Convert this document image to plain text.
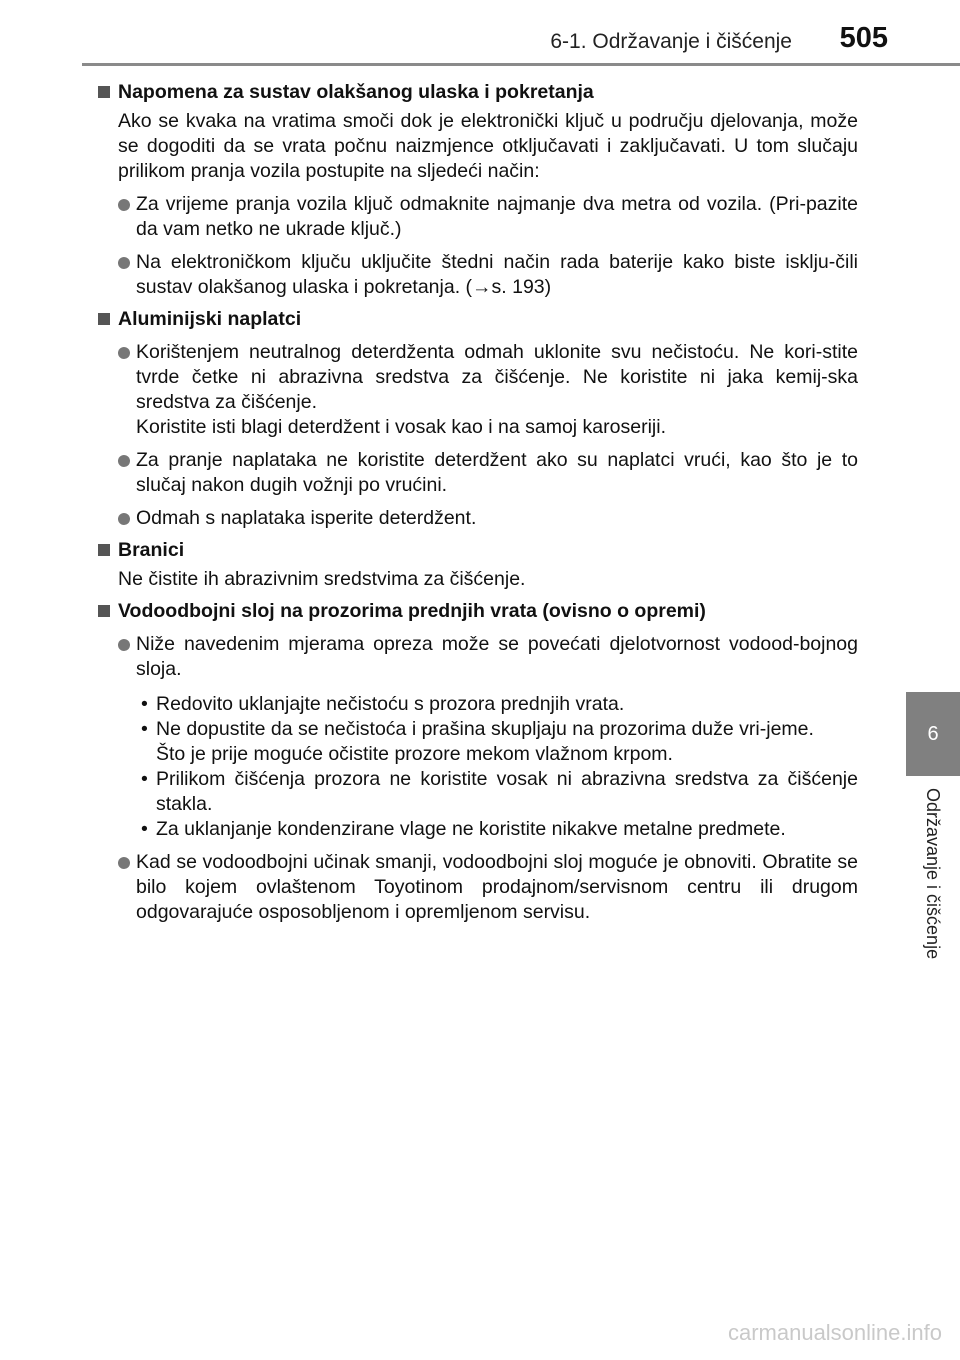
6-1. Održavanje i čišćenje 505
6
Održavanje i čišćenje
Napomena za sustav olakšanog ulaska i pokretanja
Ako se kvaka na vratima smoči dok je elektronički ključ u području djelovanja, može se dogoditi da se vrata počnu naizmjence otključavati i zaključavati. U tom slučaju prilikom pranja vozila postupite na sljedeći način:
Za vrijeme pranja vozila ključ odmaknite najmanje dva metra od vozila. (Pri-pazite da vam netko ne ukrade ključ.)
Na elektroničkom ključu uključite štedni način rada baterije kako biste isklju-čili sustav olakšanog ulaska i pokretanja. (→s. 193)
Aluminijski naplatci
Korištenjem neutralnog deterdženta odmah uklonite svu nečistoću. Ne kori-stite tvrde četke ni abrazivna sredstva za čišćenje. Ne koristite ni jaka kemij-ska sredstva za čišćenje.
Koristite isti blagi deterdžent i vosak kao i na samoj karoseriji.
Za pranje naplataka ne koristite deterdžent ako su naplatci vrući, kao što je to slučaj nakon dugih vožnji po vrućini.
Odmah s naplataka isperite deterdžent.
Branici
Ne čistite ih abrazivnim sredstvima za čišćenje.
Vodoodbojni sloj na prozorima prednjih vrata (ovisno o opremi)
Niže navedenim mjerama opreza može se povećati djelotvornost vodood-bojnog sloja.
• Redovito uklanjajte nečistoću s prozora prednjih vrata.
• Ne dopustite da se nečistoća i prašina skupljaju na prozorima duže vri-jeme.
Što je prije moguće očistite prozore mekom vlažnom krpom.
• Prilikom čišćenja prozora ne koristite vosak ni abrazivna sredstva za čišćenje stakla.
• Za uklanjanje kondenzirane vlage ne koristite nikakve metalne predmete.
Kad se vodoodbojni učinak smanji, vodoodbojni sloj moguće je obnoviti. Obratite se bilo kojem ovlaštenom Toyotinom prodajnom/servisnom centru ili drugom odgovarajuće osposobljenom i opremljenom servisu.
carmanualsonline.info
